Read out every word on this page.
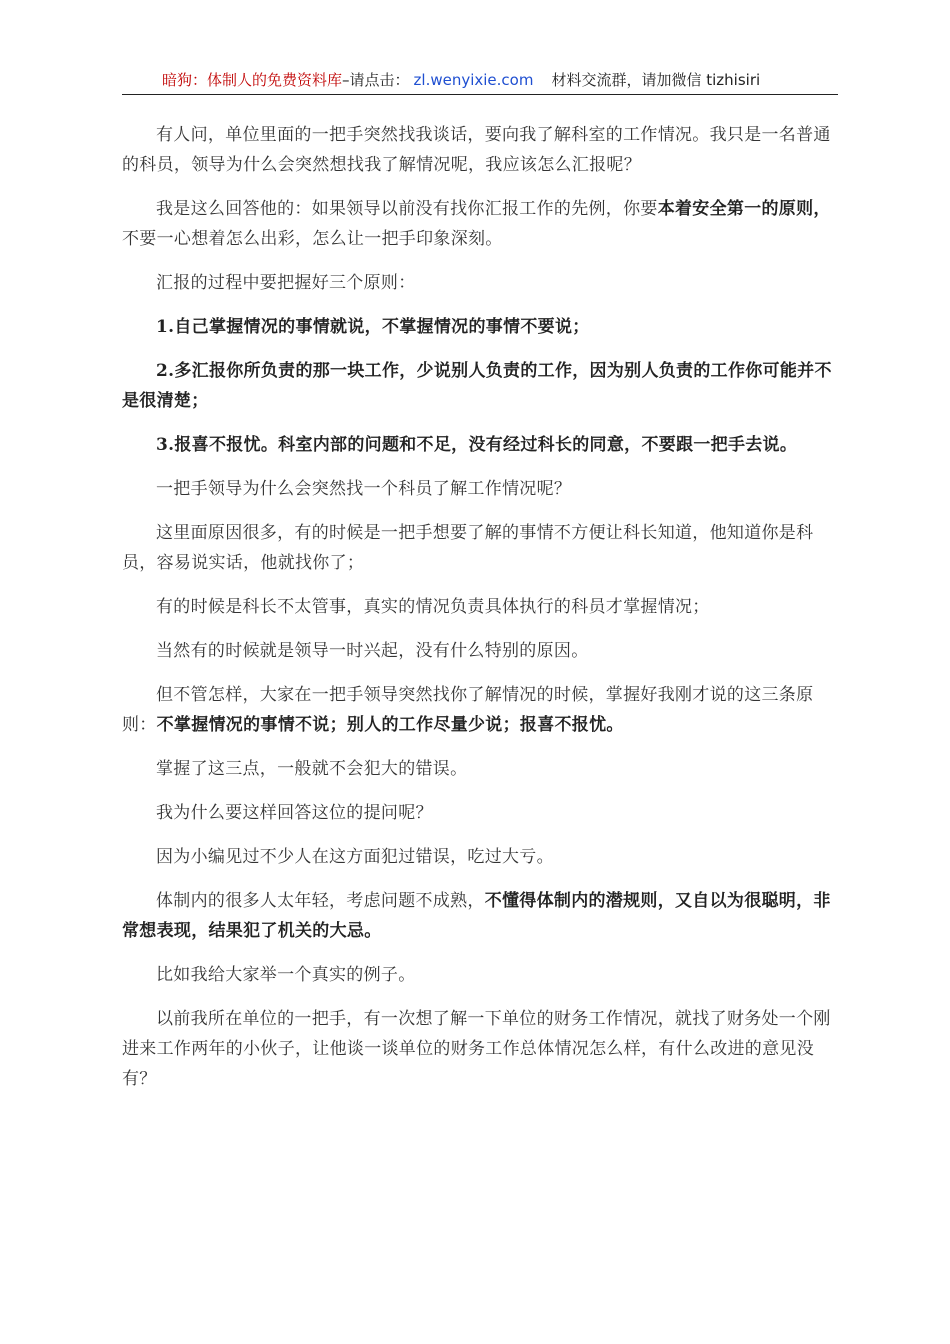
暗狗：体制人的免费资料库–请点击： zl.wenyixie.com 材料交流群，请加微信 tizhisiri

有人问，单位里面的一把手突然找我谈话，要向我了解科室的工作情况。我只是一名普通的科员，领导为什么会突然想找我了解情况呢，我应该怎么汇报呢？

我是这么回答他的：如果领导以前没有找你汇报工作的先例，你要本着安全第一的原则，不要一心想着怎么出彩，怎么让一把手印象深刻。

汇报的过程中要把握好三个原则：

1.自己掌握情况的事情就说，不掌握情况的事情不要说；

2.多汇报你所负责的那一块工作，少说别人负责的工作，因为别人负责的工作你可能并不是很清楚；

3.报喜不报忧。科室内部的问题和不足，没有经过科长的同意，不要跟一把手去说。

一把手领导为什么会突然找一个科员了解工作情况呢？

这里面原因很多，有的时候是一把手想要了解的事情不方便让科长知道，他知道你是科员，容易说实话，他就找你了；

有的时候是科长不太管事，真实的情况负责具体执行的科员才掌握情况；

当然有的时候就是领导一时兴起，没有什么特别的原因。

但不管怎样，大家在一把手领导突然找你了解情况的时候，掌握好我刚才说的这三条原则：不掌握情况的事情不说；别人的工作尽量少说；报喜不报忧。

掌握了这三点，一般就不会犯大的错误。

我为什么要这样回答这位的提问呢？

因为小编见过不少人在这方面犯过错误，吃过大亏。

体制内的很多人太年轻，考虑问题不成熟，不懂得体制内的潜规则，又自以为很聪明，非常想表现，结果犯了机关的大忌。

比如我给大家举一个真实的例子。

以前我所在单位的一把手，有一次想了解一下单位的财务工作情况，就找了财务处一个刚进来工作两年的小伙子，让他谈一谈单位的财务工作总体情况怎么样，有什么改进的意见没有？
